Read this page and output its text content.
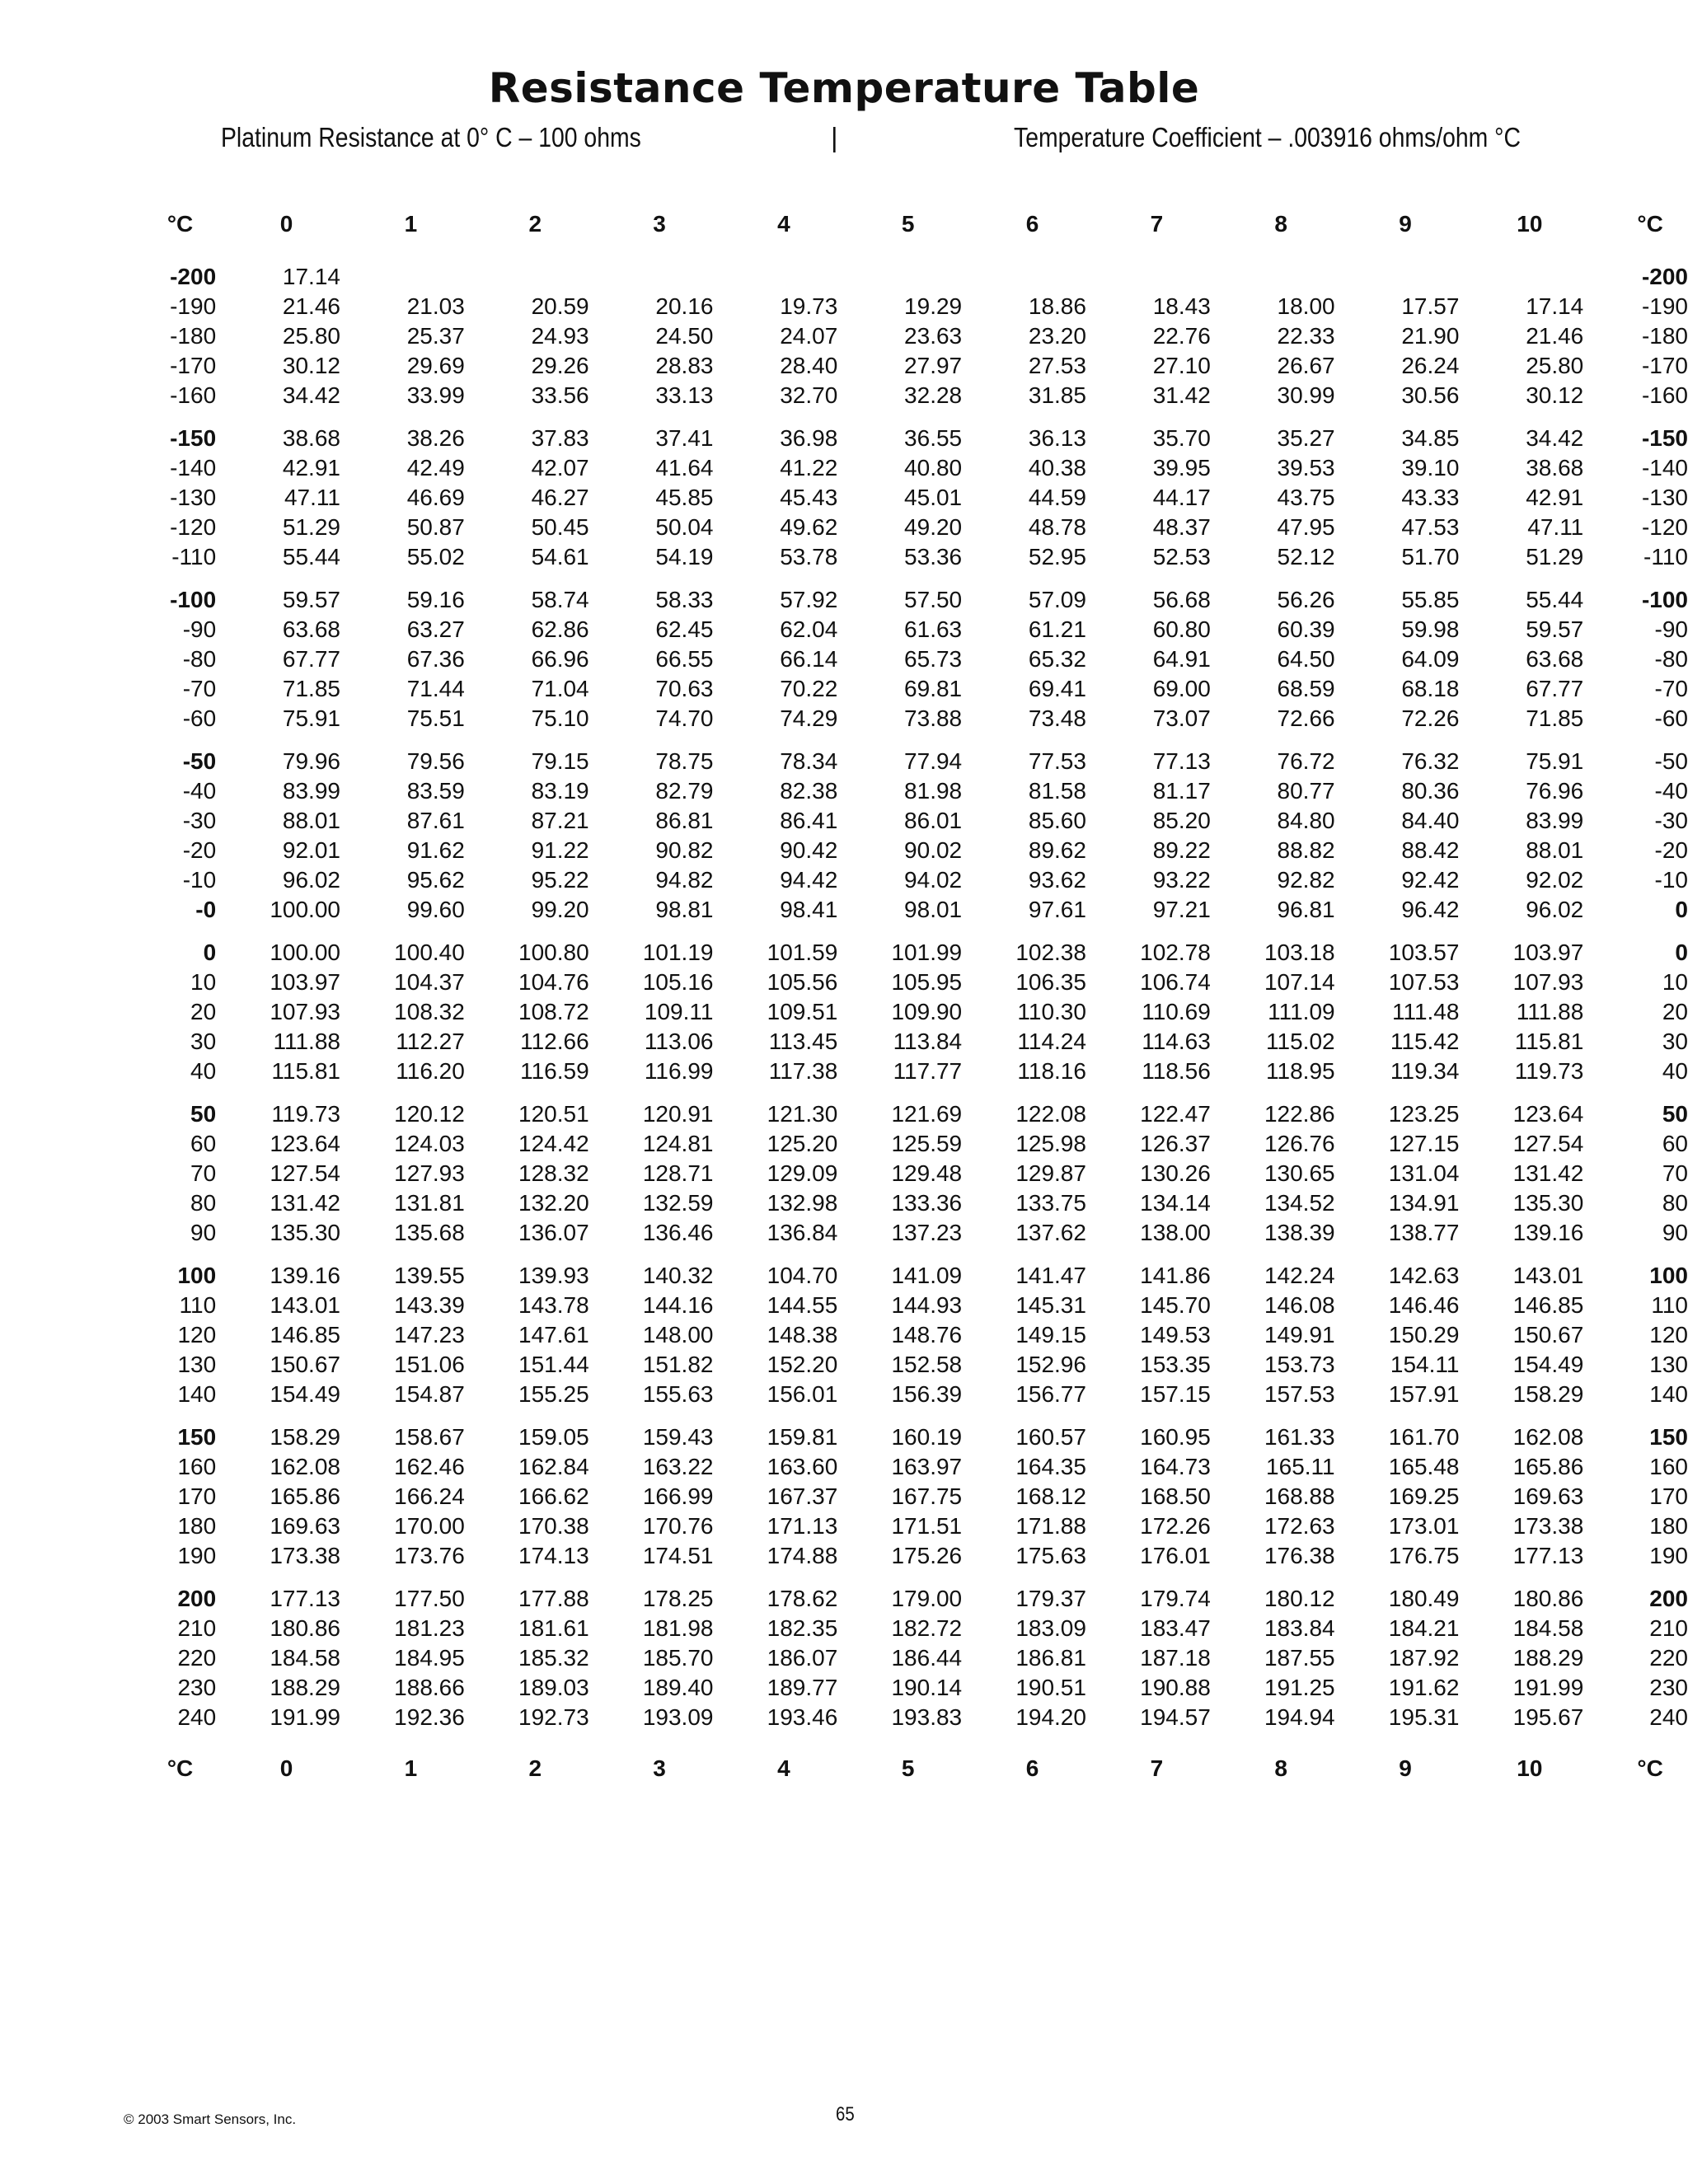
Resistance Temperature Table
Platinum Resistance at 0° C – 100 ohms	|	Temperature Coefficient – .003916 ohms/ohm °C
°C	0	1	2	3	4	5	6	7	8	9	10	°C

-200	17.14											-200
-190	21.46	21.03	20.59	20.16	19.73	19.29	18.86	18.43	18.00	17.57	17.14	-190
-180	25.80	25.37	24.93	24.50	24.07	23.63	23.20	22.76	22.33	21.90	21.46	-180
-170	30.12	29.69	29.26	28.83	28.40	27.97	27.53	27.10	26.67	26.24	25.80	-170
-160	34.42	33.99	33.56	33.13	32.70	32.28	31.85	31.42	30.99	30.56	30.12	-160

-150	38.68	38.26	37.83	37.41	36.98	36.55	36.13	35.70	35.27	34.85	34.42	-150
-140	42.91	42.49	42.07	41.64	41.22	40.80	40.38	39.95	39.53	39.10	38.68	-140
-130	47.11	46.69	46.27	45.85	45.43	45.01	44.59	44.17	43.75	43.33	42.91	-130
-120	51.29	50.87	50.45	50.04	49.62	49.20	48.78	48.37	47.95	47.53	47.11	-120
-110	55.44	55.02	54.61	54.19	53.78	53.36	52.95	52.53	52.12	51.70	51.29	-110

-100	59.57	59.16	58.74	58.33	57.92	57.50	57.09	56.68	56.26	55.85	55.44	-100
-90	63.68	63.27	62.86	62.45	62.04	61.63	61.21	60.80	60.39	59.98	59.57	-90
-80	67.77	67.36	66.96	66.55	66.14	65.73	65.32	64.91	64.50	64.09	63.68	-80
-70	71.85	71.44	71.04	70.63	70.22	69.81	69.41	69.00	68.59	68.18	67.77	-70
-60	75.91	75.51	75.10	74.70	74.29	73.88	73.48	73.07	72.66	72.26	71.85	-60

-50	79.96	79.56	79.15	78.75	78.34	77.94	77.53	77.13	76.72	76.32	75.91	-50
-40	83.99	83.59	83.19	82.79	82.38	81.98	81.58	81.17	80.77	80.36	76.96	-40
-30	88.01	87.61	87.21	86.81	86.41	86.01	85.60	85.20	84.80	84.40	83.99	-30
-20	92.01	91.62	91.22	90.82	90.42	90.02	89.62	89.22	88.82	88.42	88.01	-20
-10	96.02	95.62	95.22	94.82	94.42	94.02	93.62	93.22	92.82	92.42	92.02	-10
-0	100.00	99.60	99.20	98.81	98.41	98.01	97.61	97.21	96.81	96.42	96.02	0

0	100.00	100.40	100.80	101.19	101.59	101.99	102.38	102.78	103.18	103.57	103.97	0
10	103.97	104.37	104.76	105.16	105.56	105.95	106.35	106.74	107.14	107.53	107.93	10
20	107.93	108.32	108.72	109.11	109.51	109.90	110.30	110.69	111.09	111.48	111.88	20
30	111.88	112.27	112.66	113.06	113.45	113.84	114.24	114.63	115.02	115.42	115.81	30
40	115.81	116.20	116.59	116.99	117.38	117.77	118.16	118.56	118.95	119.34	119.73	40

50	119.73	120.12	120.51	120.91	121.30	121.69	122.08	122.47	122.86	123.25	123.64	50
60	123.64	124.03	124.42	124.81	125.20	125.59	125.98	126.37	126.76	127.15	127.54	60
70	127.54	127.93	128.32	128.71	129.09	129.48	129.87	130.26	130.65	131.04	131.42	70
80	131.42	131.81	132.20	132.59	132.98	133.36	133.75	134.14	134.52	134.91	135.30	80
90	135.30	135.68	136.07	136.46	136.84	137.23	137.62	138.00	138.39	138.77	139.16	90

100	139.16	139.55	139.93	140.32	104.70	141.09	141.47	141.86	142.24	142.63	143.01	100
110	143.01	143.39	143.78	144.16	144.55	144.93	145.31	145.70	146.08	146.46	146.85	110
120	146.85	147.23	147.61	148.00	148.38	148.76	149.15	149.53	149.91	150.29	150.67	120
130	150.67	151.06	151.44	151.82	152.20	152.58	152.96	153.35	153.73	154.11	154.49	130
140	154.49	154.87	155.25	155.63	156.01	156.39	156.77	157.15	157.53	157.91	158.29	140

150	158.29	158.67	159.05	159.43	159.81	160.19	160.57	160.95	161.33	161.70	162.08	150
160	162.08	162.46	162.84	163.22	163.60	163.97	164.35	164.73	165.11	165.48	165.86	160
170	165.86	166.24	166.62	166.99	167.37	167.75	168.12	168.50	168.88	169.25	169.63	170
180	169.63	170.00	170.38	170.76	171.13	171.51	171.88	172.26	172.63	173.01	173.38	180
190	173.38	173.76	174.13	174.51	174.88	175.26	175.63	176.01	176.38	176.75	177.13	190

200	177.13	177.50	177.88	178.25	178.62	179.00	179.37	179.74	180.12	180.49	180.86	200
210	180.86	181.23	181.61	181.98	182.35	182.72	183.09	183.47	183.84	184.21	184.58	210
220	184.58	184.95	185.32	185.70	186.07	186.44	186.81	187.18	187.55	187.92	188.29	220
230	188.29	188.66	189.03	189.40	189.77	190.14	190.51	190.88	191.25	191.62	191.99	230
240	191.99	192.36	192.73	193.09	193.46	193.83	194.20	194.57	194.94	195.31	195.67	240

°C	0	1	2	3	4	5	6	7	8	9	10	°C
© 2003 Smart Sensors, Inc.	65
